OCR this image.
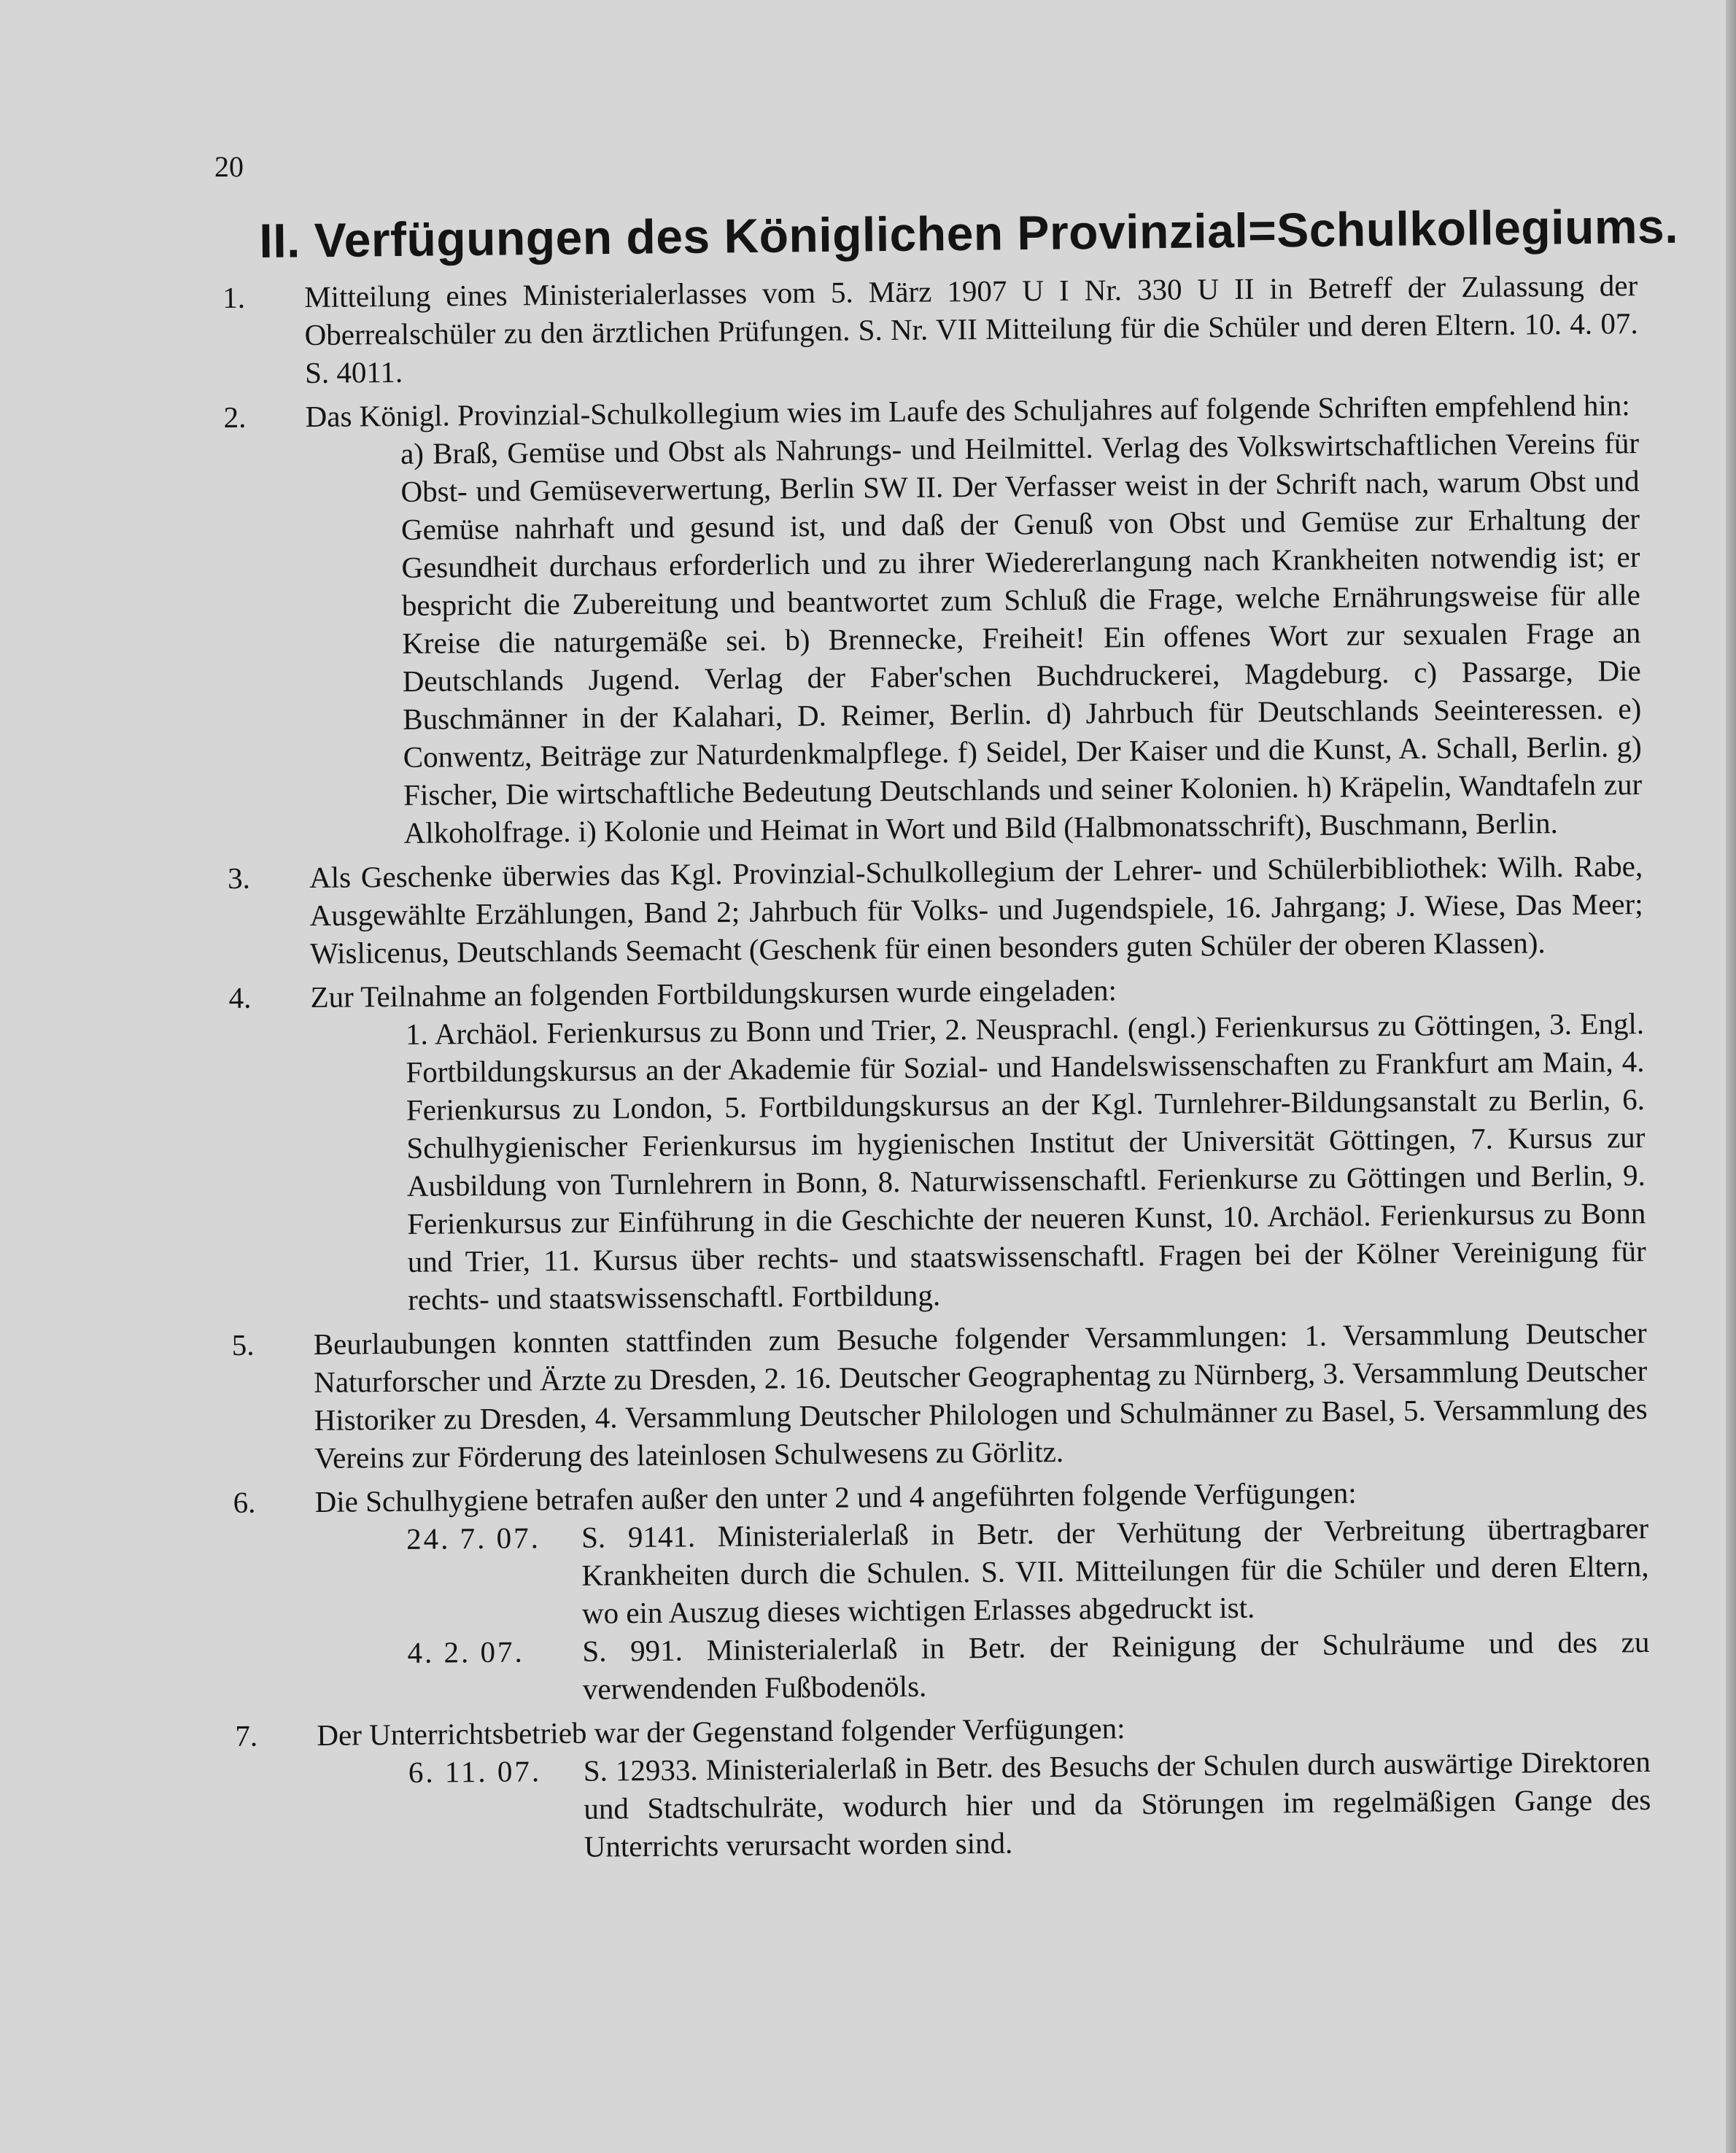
20
II. Verfügungen des Königlichen Provinzial=Schulkollegiums.

1. Mitteilung eines Ministerialerlasses vom 5. März 1907 U I Nr. 330 U II in Betreff der Zulassung der Oberrealschüler zu den ärztlichen Prüfungen. S. Nr. VII Mitteilung für die Schüler und deren Eltern. 10. 4. 07. S. 4011.

2. Das Königl. Provinzial-Schulkollegium wies im Laufe des Schuljahres auf folgende Schriften empfehlend hin:

a) Braß, Gemüse und Obst als Nahrungs- und Heilmittel. Verlag des Volkswirtschaftlichen Vereins für Obst- und Gemüseverwertung, Berlin SW II. Der Verfasser weist in der Schrift nach, warum Obst und Gemüse nahrhaft und gesund ist, und daß der Genuß von Obst und Gemüse zur Erhaltung der Gesundheit durchaus erforderlich und zu ihrer Wiedererlangung nach Krankheiten notwendig ist; er bespricht die Zubereitung und beantwortet zum Schluß die Frage, welche Ernährungsweise für alle Kreise die naturgemäße sei. b) Brennecke, Freiheit! Ein offenes Wort zur sexualen Frage an Deutschlands Jugend. Verlag der Faber'schen Buchdruckerei, Magdeburg. c) Passarge, Die Buschmänner in der Kalahari, D. Reimer, Berlin. d) Jahrbuch für Deutschlands Seeinteressen. e) Conwentz, Beiträge zur Naturdenkmalpflege. f) Seidel, Der Kaiser und die Kunst, A. Schall, Berlin. g) Fischer, Die wirtschaftliche Bedeutung Deutschlands und seiner Kolonien. h) Kräpelin, Wandtafeln zur Alkoholfrage. i) Kolonie und Heimat in Wort und Bild (Halbmonatsschrift), Buschmann, Berlin.

3. Als Geschenke überwies das Kgl. Provinzial-Schulkollegium der Lehrer- und Schülerbibliothek: Wilh. Rabe, Ausgewählte Erzählungen, Band 2; Jahrbuch für Volks- und Jugendspiele, 16. Jahrgang; J. Wiese, Das Meer; Wislicenus, Deutschlands Seemacht (Geschenk für einen besonders guten Schüler der oberen Klassen).

4. Zur Teilnahme an folgenden Fortbildungskursen wurde eingeladen:

1. Archäol. Ferienkursus zu Bonn und Trier, 2. Neusprachl. (engl.) Ferienkursus zu Göttingen, 3. Engl. Fortbildungskursus an der Akademie für Sozial- und Handelswissenschaften zu Frankfurt am Main, 4. Ferienkursus zu London, 5. Fortbildungskursus an der Kgl. Turnlehrer-Bildungsanstalt zu Berlin, 6. Schulhygienischer Ferienkursus im hygienischen Institut der Universität Göttingen, 7. Kursus zur Ausbildung von Turnlehrern in Bonn, 8. Naturwissenschaftl. Ferienkurse zu Göttingen und Berlin, 9. Ferienkursus zur Einführung in die Geschichte der neueren Kunst, 10. Archäol. Ferienkursus zu Bonn und Trier, 11. Kursus über rechts- und staatswissenschaftl. Fragen bei der Kölner Vereinigung für rechts- und staatswissenschaftl. Fortbildung.

5. Beurlaubungen konnten stattfinden zum Besuche folgender Versammlungen: 1. Versammlung Deutscher Naturforscher und Ärzte zu Dresden, 2. 16. Deutscher Geographentag zu Nürnberg, 3. Versammlung Deutscher Historiker zu Dresden, 4. Versammlung Deutscher Philologen und Schulmänner zu Basel, 5. Versammlung des Vereins zur Förderung des lateinlosen Schulwesens zu Görlitz.

6. Die Schulhygiene betrafen außer den unter 2 und 4 angeführten folgende Verfügungen:

24. 7. 07. S. 9141. Ministerialerlaß in Betr. der Verhütung der Verbreitung übertragbarer Krankheiten durch die Schulen. S. VII. Mitteilungen für die Schüler und deren Eltern, wo ein Auszug dieses wichtigen Erlasses abgedruckt ist.

4. 2. 07. S. 991. Ministerialerlaß in Betr. der Reinigung der Schulräume und des zu verwendenden Fußbodenöls.

7. Der Unterrichtsbetrieb war der Gegenstand folgender Verfügungen:

6. 11. 07. S. 12933. Ministerialerlaß in Betr. des Besuchs der Schulen durch auswärtige Direktoren und Stadtschulräte, wodurch hier und da Störungen im regelmäßigen Gange des Unterrichts verursacht worden sind.
